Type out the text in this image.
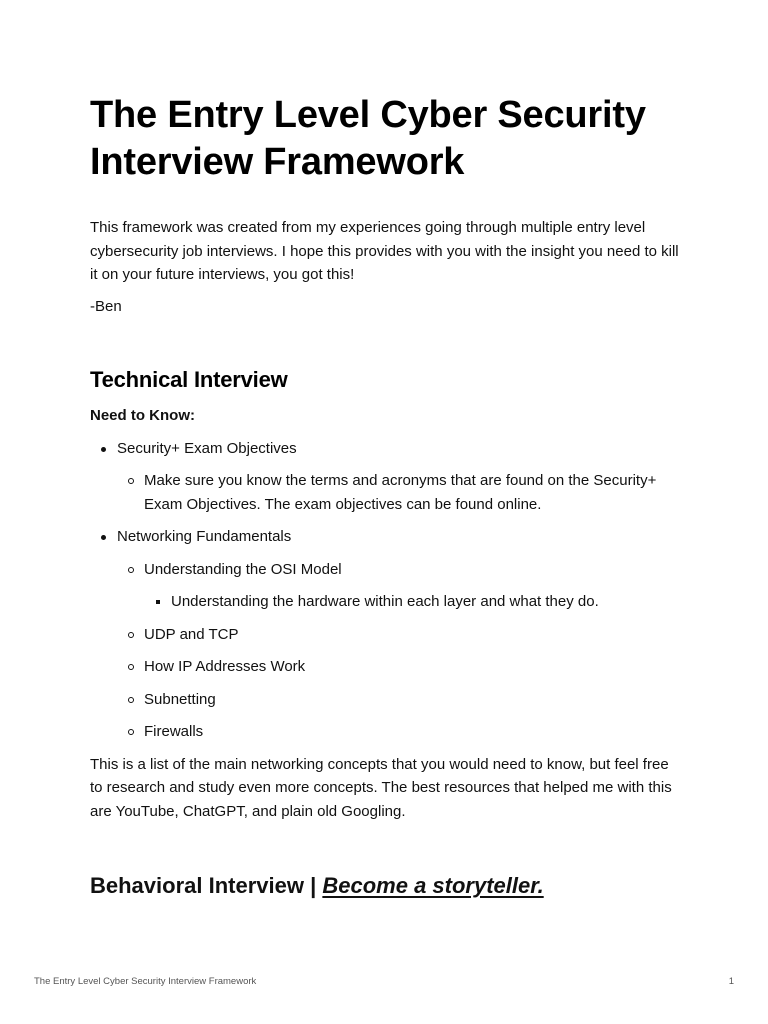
The Entry Level Cyber Security Interview Framework

This framework was created from my experiences going through multiple entry level cybersecurity job interviews. I hope this provides with you with the insight you need to kill it on your future interviews, you got this!

-Ben

Technical Interview

Need to Know:

Security+ Exam Objectives
Make sure you know the terms and acronyms that are found on the Security+ Exam Objectives. The exam objectives can be found online.
Networking Fundamentals
Understanding the OSI Model
Understanding the hardware within each layer and what they do.
UDP and TCP
How IP Addresses Work
Subnetting
Firewalls

This is a list of the main networking concepts that you would need to know, but feel free to research and study even more concepts. The best resources that helped me with this are YouTube, ChatGPT, and plain old Googling.

Behavioral Interview | Become a storyteller.

The Entry Level Cyber Security Interview Framework	1
